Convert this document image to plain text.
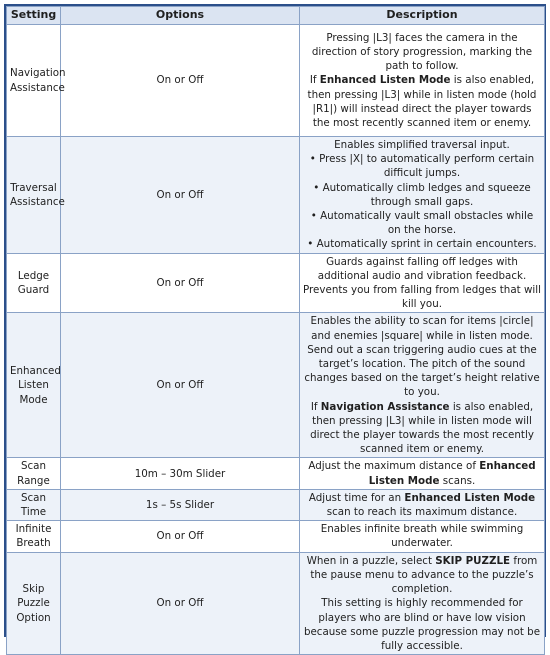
Setting	Options	Description
Navigation Assistance	On or Off	Pressing |L3| faces the camera in the direction of story progression, marking the path to follow.
If Enhanced Listen Mode is also enabled, then pressing |L3| while in listen mode (hold |R1|) will instead direct the player towards the most recently scanned item or enemy.

Traversal Assistance	On or Off	Enables simplified traversal input.
• Press |X| to automatically perform certain difficult jumps.
• Automatically climb ledges and squeeze through small gaps.
• Automatically vault small obstacles while on the horse.
• Automatically sprint in certain encounters.

Ledge Guard	On or Off	Guards against falling off ledges with additional audio and vibration feedback.
Prevents you from falling from ledges that will kill you.

Enhanced Listen Mode	On or Off	Enables the ability to scan for items |circle| and enemies |square| while in listen mode.
Send out a scan triggering audio cues at the target’s location. The pitch of the sound changes based on the target’s height relative to you.
If Navigation Assistance is also enabled, then pressing |L3| while in listen mode will direct the player towards the most recently scanned item or enemy.

Scan Range	10m – 30m Slider	Adjust the maximum distance of Enhanced Listen Mode scans.

Scan Time	1s – 5s Slider	Adjust time for an Enhanced Listen Mode scan to reach its maximum distance.

Infinite Breath	On or Off	Enables infinite breath while swimming underwater.

Skip Puzzle Option	On or Off	When in a puzzle, select SKIP PUZZLE from the pause menu to advance to the puzzle’s completion.
This setting is highly recommended for players who are blind or have low vision because some puzzle progression may not be fully accessible.
